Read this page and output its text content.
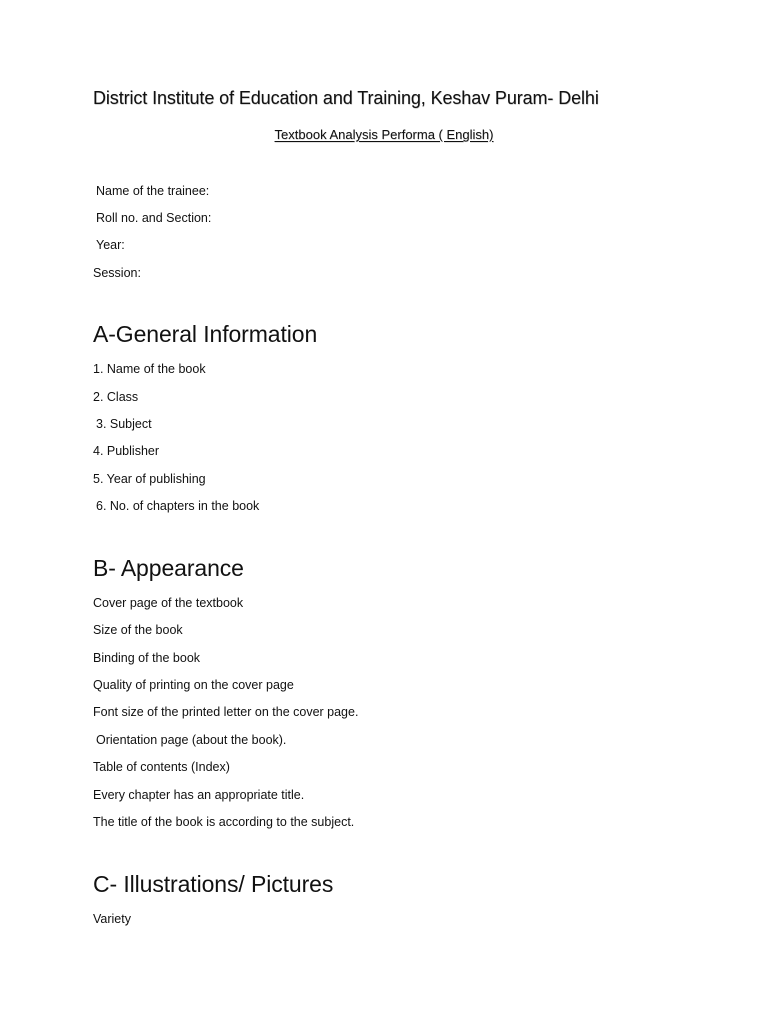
District Institute of Education and Training, Keshav Puram- Delhi
Textbook Analysis Performa ( English)
Name of the trainee:
Roll no. and Section:
Year:
Session:
A-General Information
1. Name of the book
2. Class
3. Subject
4. Publisher
5. Year of publishing
6. No. of chapters in the book
B- Appearance
Cover page of the textbook
Size of the book
Binding of the book
Quality of printing on the cover page
Font size of the printed letter on the cover page.
Orientation page (about the book).
Table of contents (Index)
Every chapter has an appropriate title.
The title of the book is according to the subject.
C- Illustrations/ Pictures
Variety
